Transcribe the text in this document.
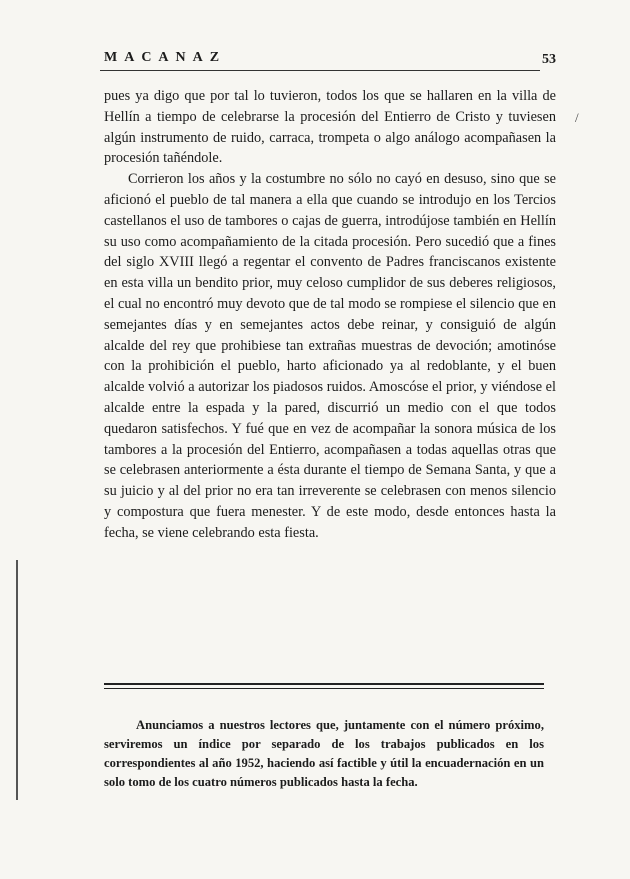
MACANAZ	53
/

pues ya digo que por tal lo tuvieron, todos los que se hallaren en la villa de Hellín a tiempo de celebrarse la procesión del Entierro de Cristo y tuviesen algún instrumento de ruido, carraca, trompeta o algo análogo acompañasen la procesión tañéndole.

Corrieron los años y la costumbre no sólo no cayó en desuso, sino que se aficionó el pueblo de tal manera a ella que cuando se introdujo en los Tercios castellanos el uso de tambores o cajas de guerra, introdújose también en Hellín su uso como acompañamiento de la citada procesión. Pero sucedió que a fines del siglo XVIII llegó a regentar el convento de Padres franciscanos existente en esta villa un bendito prior, muy celoso cumplidor de sus deberes religiosos, el cual no encontró muy devoto que de tal modo se rompiese el silencio que en semejantes días y en semejantes actos debe reinar, y consiguió de algún alcalde del rey que prohibiese tan extrañas muestras de devoción; amotinóse con la prohibición el pueblo, harto aficionado ya al redoblante, y el buen alcalde volvió a autorizar los piadosos ruidos. Amoscóse el prior, y viéndose el alcalde entre la espada y la pared, discurrió un medio con el que todos quedaron satisfechos. Y fué que en vez de acompañar la sonora música de los tambores a la procesión del Entierro, acompañasen a todas aquellas otras que se celebrasen anteriormente a ésta durante el tiempo de Semana Santa, y que a su juicio y al del prior no era tan irreverente se celebrasen con menos silencio y compostura que fuera menester. Y de este modo, desde entonces hasta la fecha, se viene celebrando esta fiesta.

Anunciamos a nuestros lectores que, juntamente con el número próximo, serviremos un índice por separado de los trabajos publicados en los correspondientes al año 1952, haciendo así factible y útil la encuadernación en un solo tomo de los cuatro números publicados hasta la fecha.
